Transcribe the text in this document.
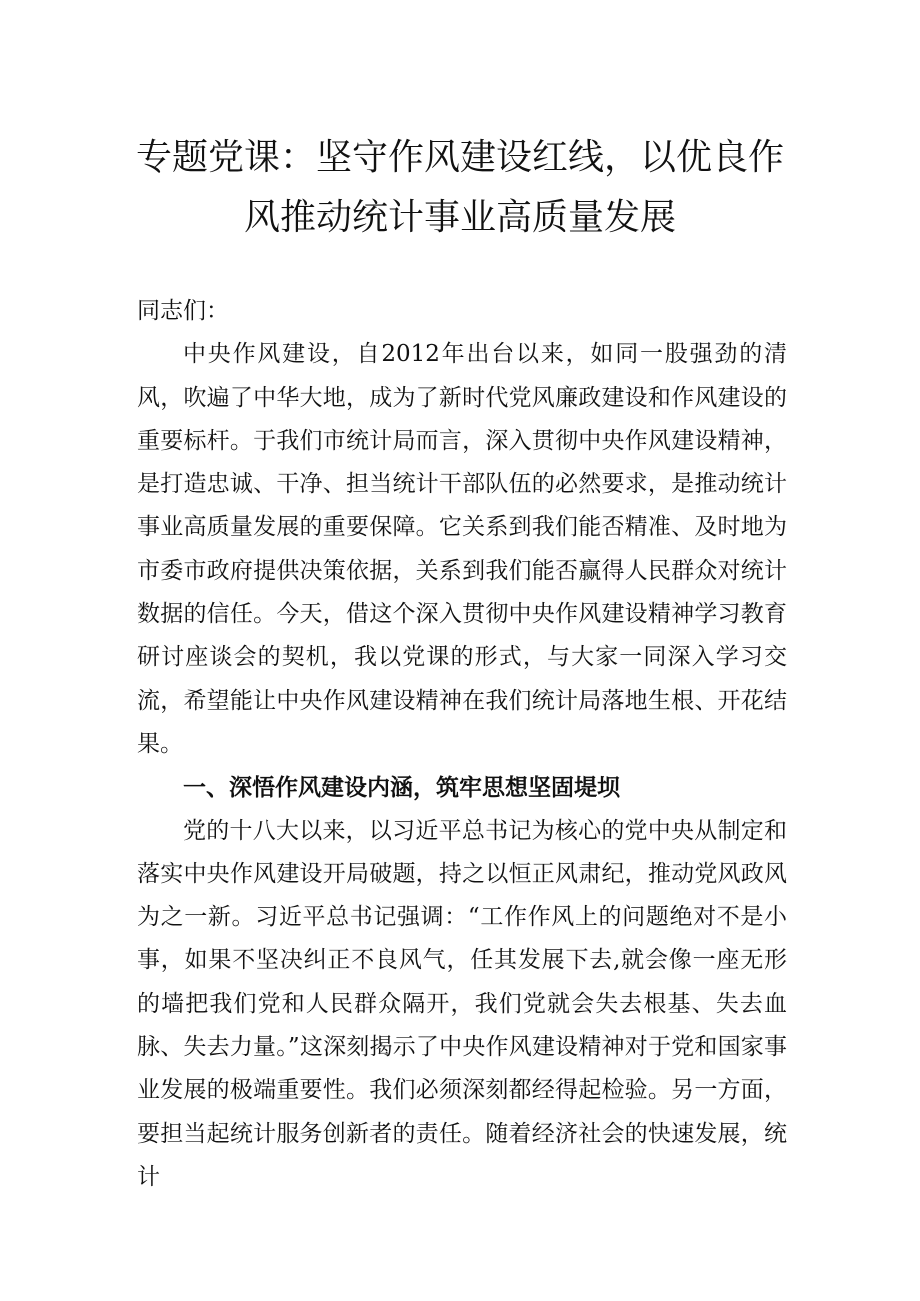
专题党课：坚守作风建设红线，以优良作
风推动统计事业高质量发展

同志们：

中央作风建设，自2012年出台以来，如同一股强劲的清风，吹遍了中华大地，成为了新时代党风廉政建设和作风建设的重要标杆。于我们市统计局而言，深入贯彻中央作风建设精神，是打造忠诚、干净、担当统计干部队伍的必然要求，是推动统计事业高质量发展的重要保障。它关系到我们能否精准、及时地为市委市政府提供决策依据，关系到我们能否赢得人民群众对统计数据的信任。今天，借这个深入贯彻中央作风建设精神学习教育研讨座谈会的契机，我以党课的形式，与大家一同深入学习交流，希望能让中央作风建设精神在我们统计局落地生根、开花结果。

一、深悟作风建设内涵，筑牢思想坚固堤坝

党的十八大以来，以习近平总书记为核心的党中央从制定和落实中央作风建设开局破题，持之以恒正风肃纪，推动党风政风为之一新。习近平总书记强调：“工作作风上的问题绝对不是小事，如果不坚决纠正不良风气，任其发展下去,就会像一座无形的墙把我们党和人民群众隔开，我们党就会失去根基、失去血脉、失去力量。”这深刻揭示了中央作风建设精神对于党和国家事业发展的极端重要性。我们必须深刻都经得起检验。另一方面，要担当起统计服务创新者的责任。随着经济社会的快速发展，统计
